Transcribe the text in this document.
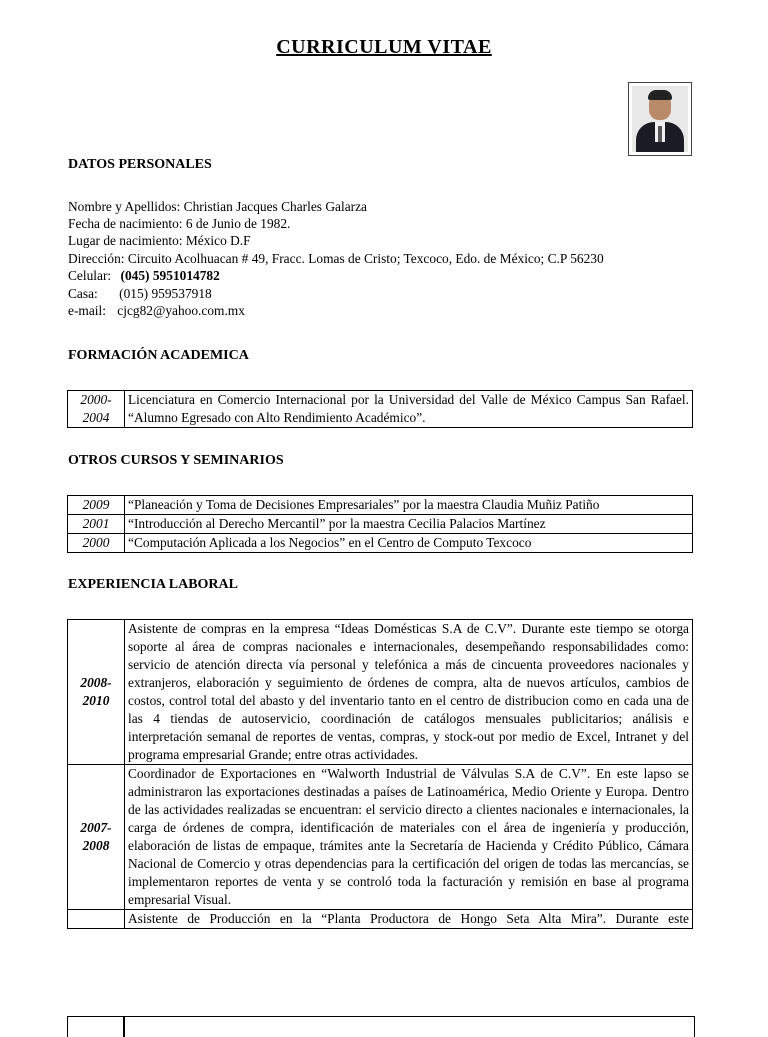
CURRICULUM VITAE
DATOS PERSONALES
Nombre y Apellidos: Christian Jacques Charles Galarza
Fecha de nacimiento: 6 de Junio de 1982.
Lugar de nacimiento: México D.F
Dirección: Circuito Acolhuacan # 49, Fracc. Lomas de Cristo; Texcoco, Edo. de México; C.P 56230
Celular: (045) 5951014782
Casa: (015) 959537918
e-mail: cjcg82@yahoo.com.mx
FORMACIÓN ACADEMICA
2000-
2004
	Licenciatura en Comercio Internacional por la Universidad del Valle de México Campus San Rafael. “Alumno Egresado con Alto Rendimiento Académico”.
OTROS CURSOS Y SEMINARIOS
2009	“Planeación y Toma de Decisiones Empresariales” por la maestra Claudia Muñiz Patiño
2001	“Introducción al Derecho Mercantil” por la maestra Cecilia Palacios Martínez
2000	“Computación Aplicada a los Negocios” en el Centro de Computo Texcoco
EXPERIENCIA LABORAL
2008-
2010	Asistente de compras en la empresa “Ideas Domésticas S.A de C.V”. Durante este tiempo se otorga soporte al área de compras nacionales e internacionales, desempeñando responsabilidades como: servicio de atención directa vía personal y telefónica a más de cincuenta proveedores nacionales y extranjeros, elaboración y seguimiento de órdenes de compra, alta de nuevos artículos, cambios de costos, control total del abasto y del inventario tanto en el centro de distribucion como en cada una de las 4 tiendas de autoservicio, coordinación de catálogos mensuales publicitarios; análisis e interpretación semanal de reportes de ventas, compras, y stock-out por medio de Excel, Intranet y del programa empresarial Grande; entre otras actividades.

2007-
2008	Coordinador de Exportaciones en “Walworth Industrial de Válvulas S.A de C.V”. En este lapso se administraron las exportaciones destinadas a países de Latinoamérica, Medio Oriente y Europa. Dentro de las actividades realizadas se encuentran: el servicio directo a clientes nacionales e internacionales, la carga de órdenes de compra, identificación de materiales con el área de ingeniería y producción, elaboración de listas de empaque, trámites ante la Secretaría de Hacienda y Crédito Público, Cámara Nacional de Comercio y otras dependencias para la certificación del origen de todas las mercancías, se implementaron reportes de venta y se controló toda la facturación y remisión en base al programa empresarial Visual.
	Asistente de Producción en la “Planta Productora de Hongo Seta Alta Mira”. Durante este
